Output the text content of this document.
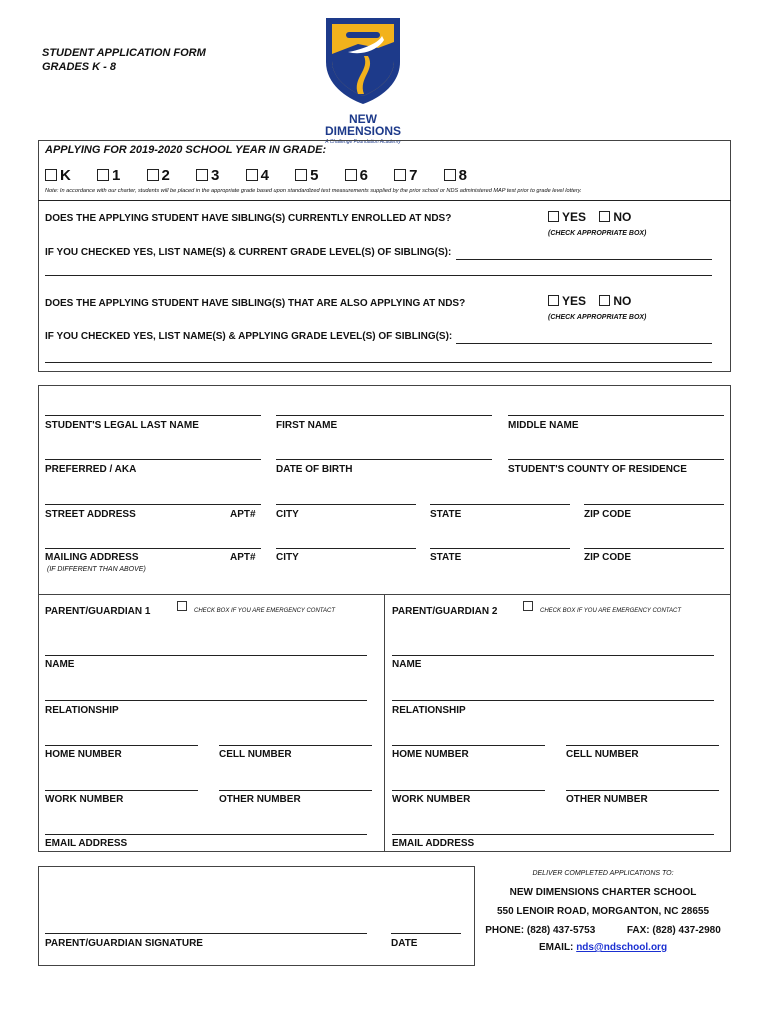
STUDENT APPLICATION FORM
GRADES K - 8
NEW
DIMENSIONS
A Challenge Foundation Academy
APPLYING FOR 2019-2020 SCHOOL YEAR IN GRADE:
K	1	2	3	4	5	6	7	8
Note: In accordance with our charter, students will be placed in the appropriate grade based upon standardized test measurements supplied by the prior school or NDS administered MAP test prior to grade level lottery.
DOES THE APPLYING STUDENT HAVE SIBLING(S) CURRENTLY ENROLLED AT NDS?	YES NO
(CHECK APPROPRIATE BOX)
IF YOU CHECKED YES, LIST NAME(S) & CURRENT GRADE LEVEL(S) OF SIBLING(S):
DOES THE APPLYING STUDENT HAVE SIBLING(S) THAT ARE ALSO APPLYING AT NDS?	YES NO
(CHECK APPROPRIATE BOX)
IF YOU CHECKED YES, LIST NAME(S) & APPLYING GRADE LEVEL(S) OF SIBLING(S):
STUDENT'S LEGAL LAST NAME	FIRST NAME	MIDDLE NAME
PREFERRED / AKA	DATE OF BIRTH	STUDENT'S COUNTY OF RESIDENCE
STREET ADDRESS	APT# CITY	STATE	ZIP CODE
MAILING ADDRESS	APT# CITY	STATE	ZIP CODE
(IF DIFFERENT THAN ABOVE)
PARENT/GUARDIAN 1	CHECK BOX IF YOU ARE EMERGENCY CONTACT
NAME
RELATIONSHIP
HOME NUMBER	CELL NUMBER
WORK NUMBER	OTHER NUMBER
EMAIL ADDRESS
PARENT/GUARDIAN 2	CHECK BOX IF YOU ARE EMERGENCY CONTACT
NAME
RELATIONSHIP
HOME NUMBER	CELL NUMBER
WORK NUMBER	OTHER NUMBER
EMAIL ADDRESS
PARENT/GUARDIAN SIGNATURE	DATE
DELIVER COMPLETED APPLICATIONS TO:
NEW DIMENSIONS CHARTER SCHOOL
550 LENOIR ROAD, MORGANTON, NC 28655
PHONE: (828) 437-5753	FAX: (828) 437-2980
EMAIL: nds@ndschool.org
